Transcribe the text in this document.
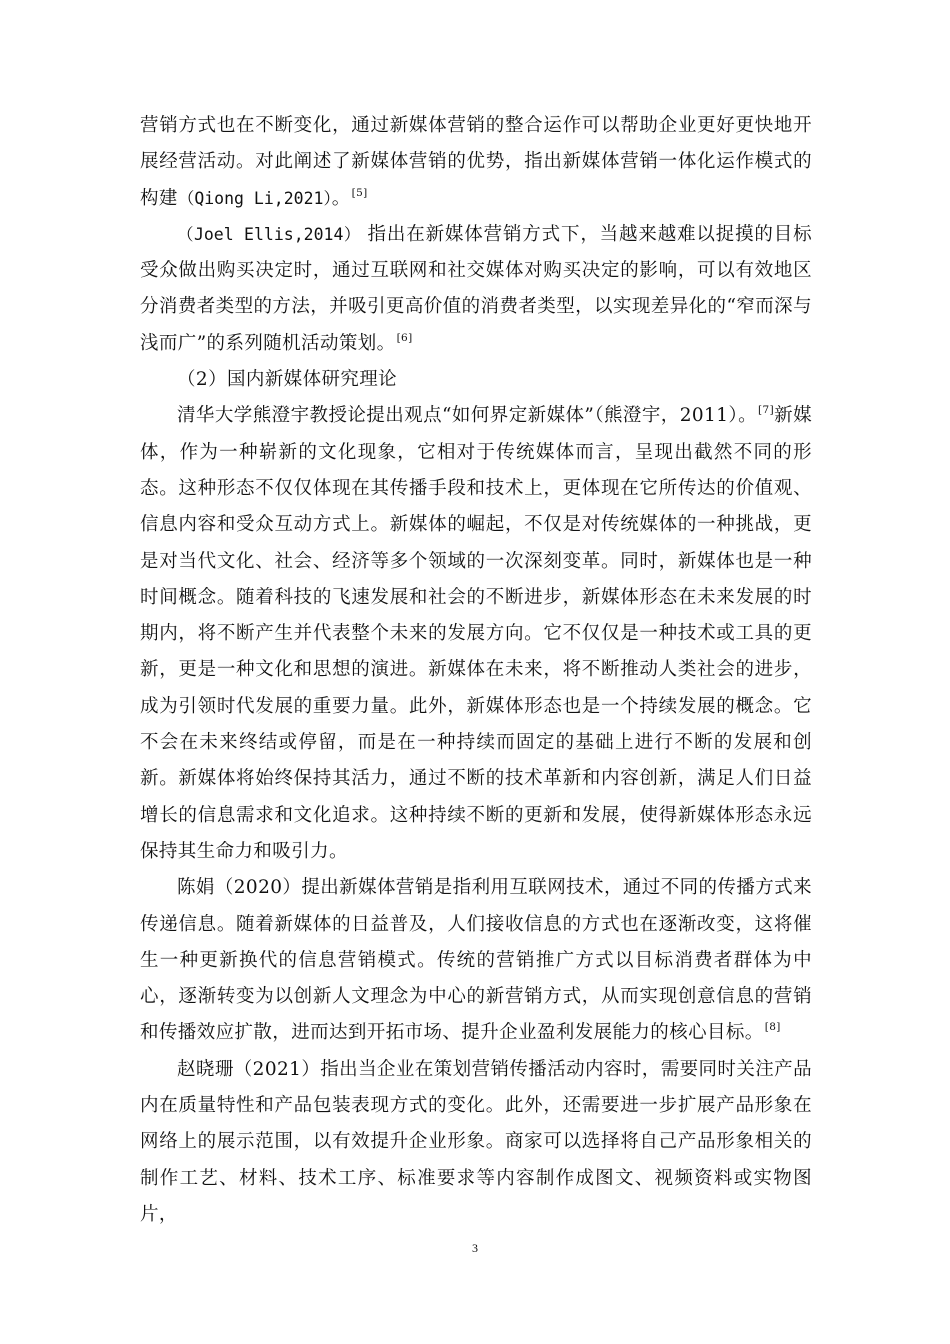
营销方式也在不断变化，通过新媒体营销的整合运作可以帮助企业更好更快地开展经营活动。对此阐述了新媒体营销的优势，指出新媒体营销一体化运作模式的构建（Qiong Li,2021）。[5]

（Joel Ellis,2014） 指出在新媒体营销方式下，当越来越难以捉摸的目标受众做出购买决定时，通过互联网和社交媒体对购买决定的影响，可以有效地区分消费者类型的方法，并吸引更高价值的消费者类型，以实现差异化的“窄而深与浅而广”的系列随机活动策划。[6]

（2）国内新媒体研究理论

清华大学熊澄宇教授论提出观点“如何界定新媒体”（熊澄宇，2011）。[7]新媒体，作为一种崭新的文化现象，它相对于传统媒体而言，呈现出截然不同的形态。这种形态不仅仅体现在其传播手段和技术上，更体现在它所传达的价值观、信息内容和受众互动方式上。新媒体的崛起，不仅是对传统媒体的一种挑战，更是对当代文化、社会、经济等多个领域的一次深刻变革。同时，新媒体也是一种时间概念。随着科技的飞速发展和社会的不断进步，新媒体形态在未来发展的时期内，将不断产生并代表整个未来的发展方向。它不仅仅是一种技术或工具的更新，更是一种文化和思想的演进。新媒体在未来，将不断推动人类社会的进步，成为引领时代发展的重要力量。此外，新媒体形态也是一个持续发展的概念。它不会在未来终结或停留，而是在一种持续而固定的基础上进行不断的发展和创新。新媒体将始终保持其活力，通过不断的技术革新和内容创新，满足人们日益增长的信息需求和文化追求。这种持续不断的更新和发展，使得新媒体形态永远保持其生命力和吸引力。

陈娟（2020）提出新媒体营销是指利用互联网技术，通过不同的传播方式来传递信息。随着新媒体的日益普及，人们接收信息的方式也在逐渐改变，这将催生一种更新换代的信息营销模式。传统的营销推广方式以目标消费者群体为中心，逐渐转变为以创新人文理念为中心的新营销方式，从而实现创意信息的营销和传播效应扩散，进而达到开拓市场、提升企业盈利发展能力的核心目标。[8]

赵晓珊（2021）指出当企业在策划营销传播活动内容时，需要同时关注产品内在质量特性和产品包装表现方式的变化。此外，还需要进一步扩展产品形象在网络上的展示范围，以有效提升企业形象。商家可以选择将自己产品形象相关的制作工艺、材料、技术工序、标准要求等内容制作成图文、视频资料或实物图片，

3
